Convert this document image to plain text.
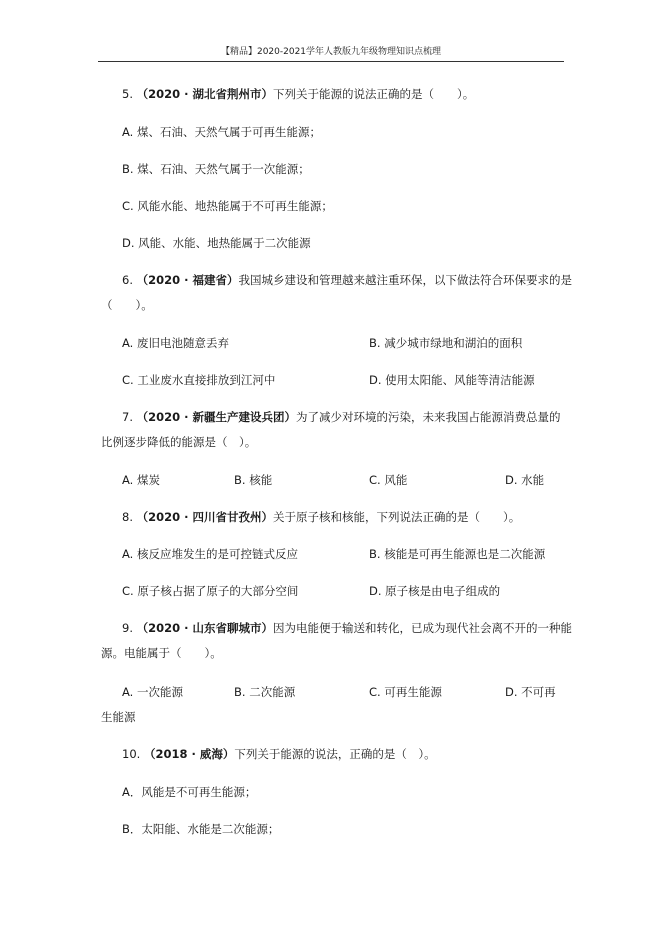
【精品】2020-2021学年人教版九年级物理知识点梳理
5. （2020 · 湖北省荆州市）下列关于能源的说法正确的是（　　）。
A. 煤、石油、天然气属于可再生能源；
B. 煤、石油、天然气属于一次能源；
C. 风能水能、地热能属于不可再生能源；
D. 风能、水能、地热能属于二次能源
6. （2020 · 福建省）我国城乡建设和管理越来越注重环保，以下做法符合环保要求的是
（　　）。
A. 废旧电池随意丢弃	B. 减少城市绿地和湖泊的面积
C. 工业废水直接排放到江河中	D. 使用太阳能、风能等清洁能源
7. （2020 · 新疆生产建设兵团）为了减少对环境的污染，未来我国占能源消费总量的
比例逐步降低的能源是（　）。
A. 煤炭	B. 核能	C. 风能	D. 水能
8. （2020 · 四川省甘孜州）关于原子核和核能，下列说法正确的是（　　）。
A. 核反应堆发生的是可控链式反应	B. 核能是可再生能源也是二次能源
C. 原子核占据了原子的大部分空间	D. 原子核是由电子组成的
9. （2020 · 山东省聊城市）因为电能便于输送和转化，已成为现代社会离不开的一种能
源。电能属于（　　）。
A. 一次能源	B. 二次能源	C. 可再生能源	D. 不可再
生能源
10. （2018 · 威海）下列关于能源的说法，正确的是（　）。
A．风能是不可再生能源；
B．太阳能、水能是二次能源；
